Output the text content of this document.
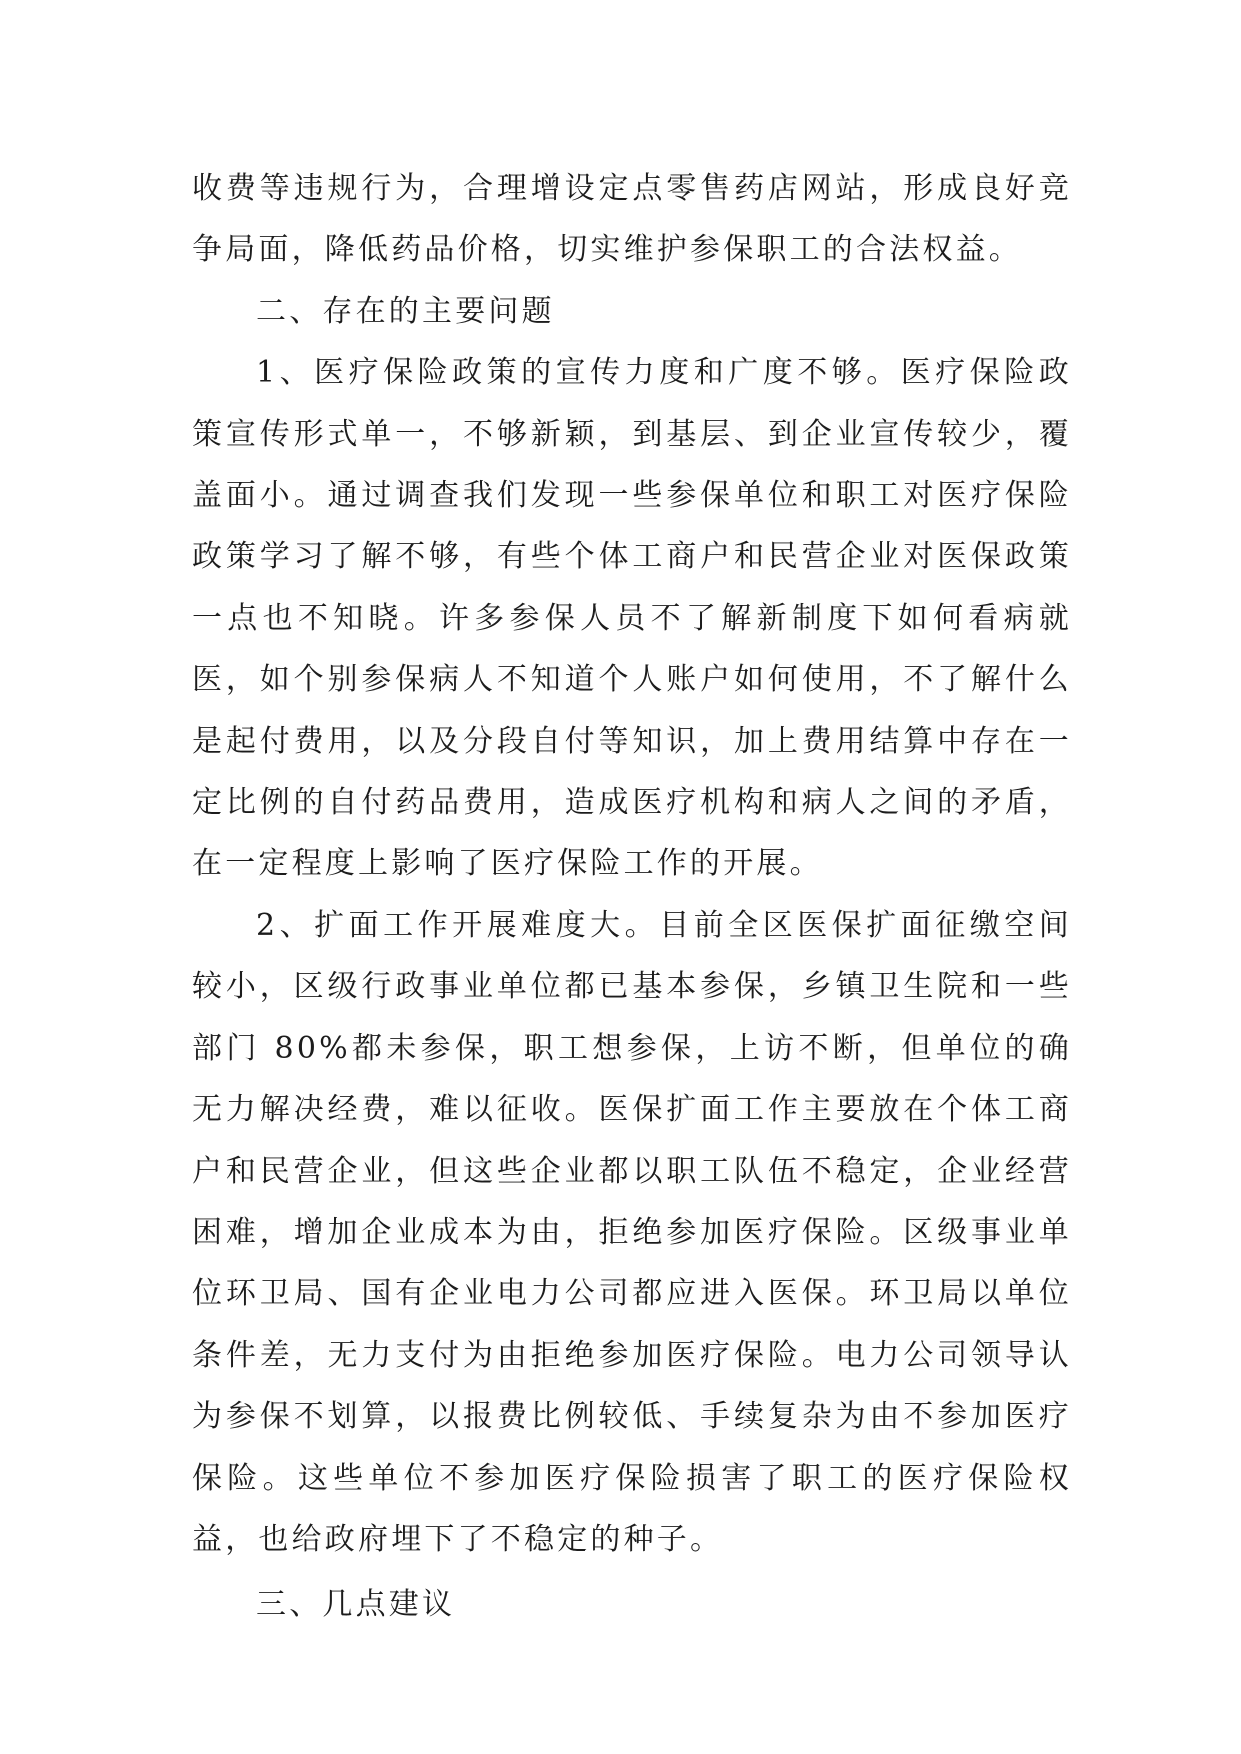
收费等违规行为，合理增设定点零售药店网站，形成良好竞争局面，降低药品价格，切实维护参保职工的合法权益。

二、存在的主要问题

1、医疗保险政策的宣传力度和广度不够。医疗保险政策宣传形式单一，不够新颖，到基层、到企业宣传较少，覆盖面小。通过调查我们发现一些参保单位和职工对医疗保险政策学习了解不够，有些个体工商户和民营企业对医保政策一点也不知晓。许多参保人员不了解新制度下如何看病就医，如个别参保病人不知道个人账户如何使用，不了解什么是起付费用，以及分段自付等知识，加上费用结算中存在一定比例的自付药品费用，造成医疗机构和病人之间的矛盾，在一定程度上影响了医疗保险工作的开展。

2、扩面工作开展难度大。目前全区医保扩面征缴空间较小，区级行政事业单位都已基本参保，乡镇卫生院和一些部门 80%都未参保，职工想参保，上访不断，但单位的确无力解决经费，难以征收。医保扩面工作主要放在个体工商户和民营企业，但这些企业都以职工队伍不稳定，企业经营困难，增加企业成本为由，拒绝参加医疗保险。区级事业单位环卫局、国有企业电力公司都应进入医保。环卫局以单位条件差，无力支付为由拒绝参加医疗保险。电力公司领导认为参保不划算，以报费比例较低、手续复杂为由不参加医疗保险。这些单位不参加医疗保险损害了职工的医疗保险权益，也给政府埋下了不稳定的种子。

三、几点建议
